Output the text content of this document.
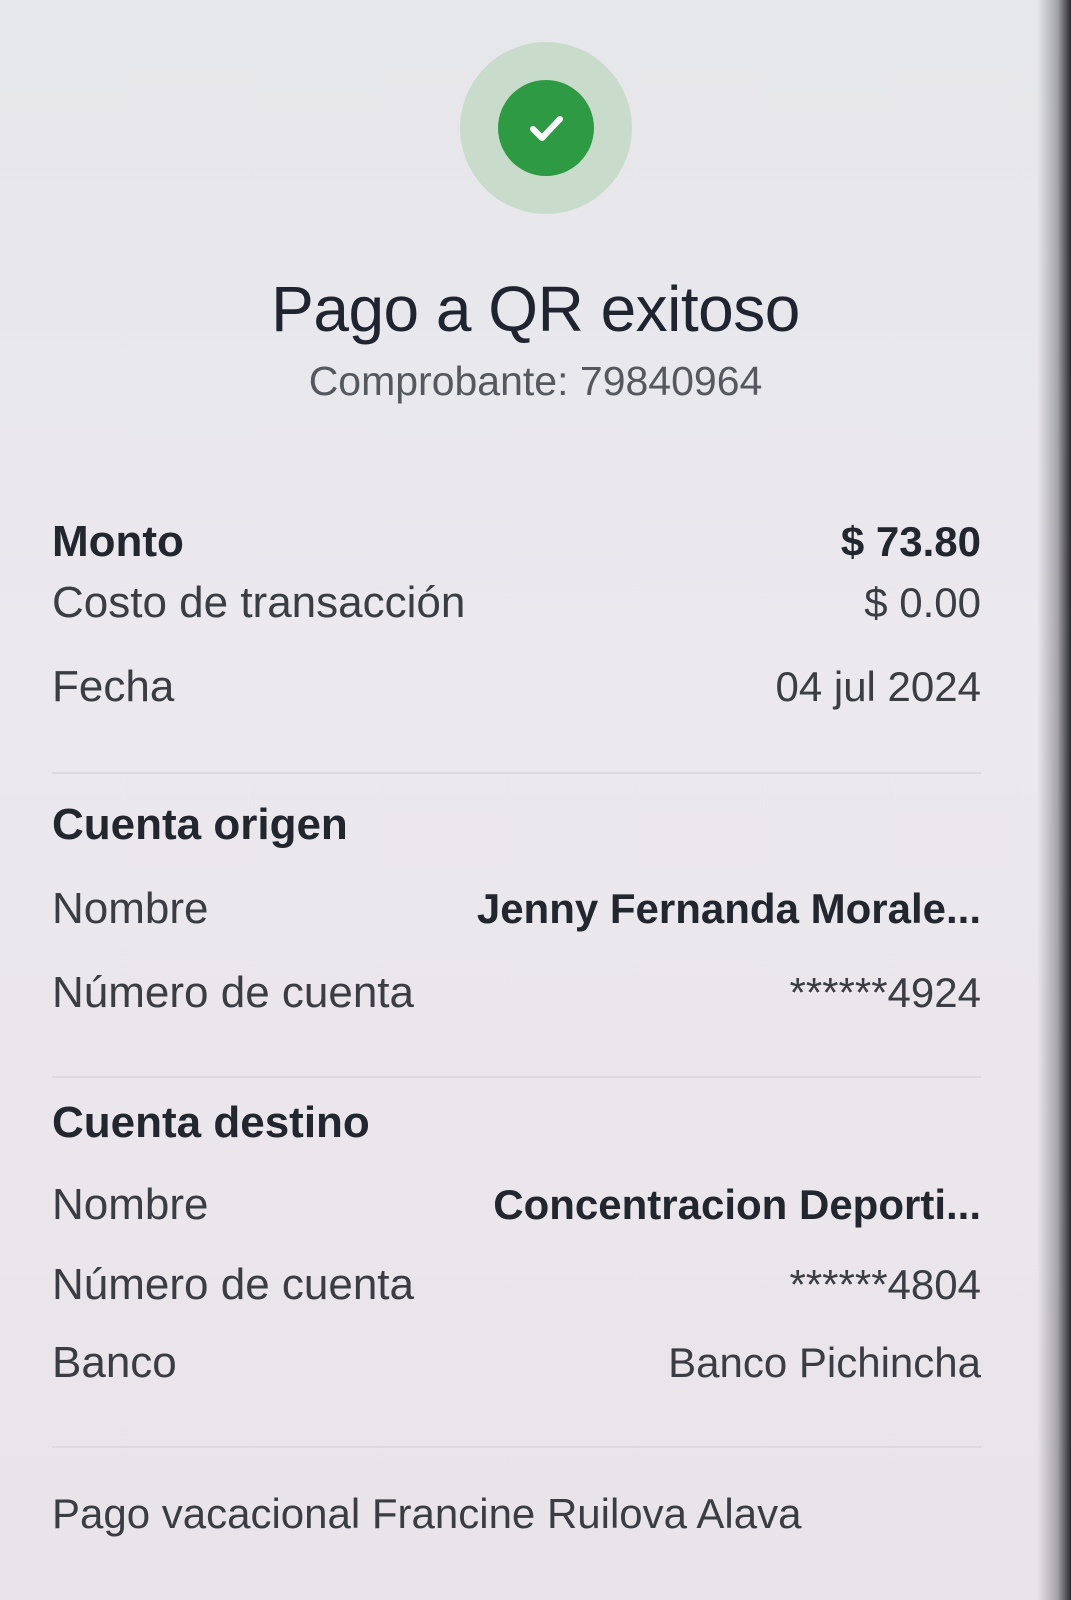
Pago a QR exitoso
Comprobante: 79840964
Monto	$ 73.80
Costo de transacción	$ 0.00
Fecha	04 jul 2024
Cuenta origen
Nombre	Jenny Fernanda Morale...
Número de cuenta	******4924
Cuenta destino
Nombre	Concentracion Deporti...
Número de cuenta	******4804
Banco	Banco Pichincha
Pago vacacional Francine Ruilova Alava
